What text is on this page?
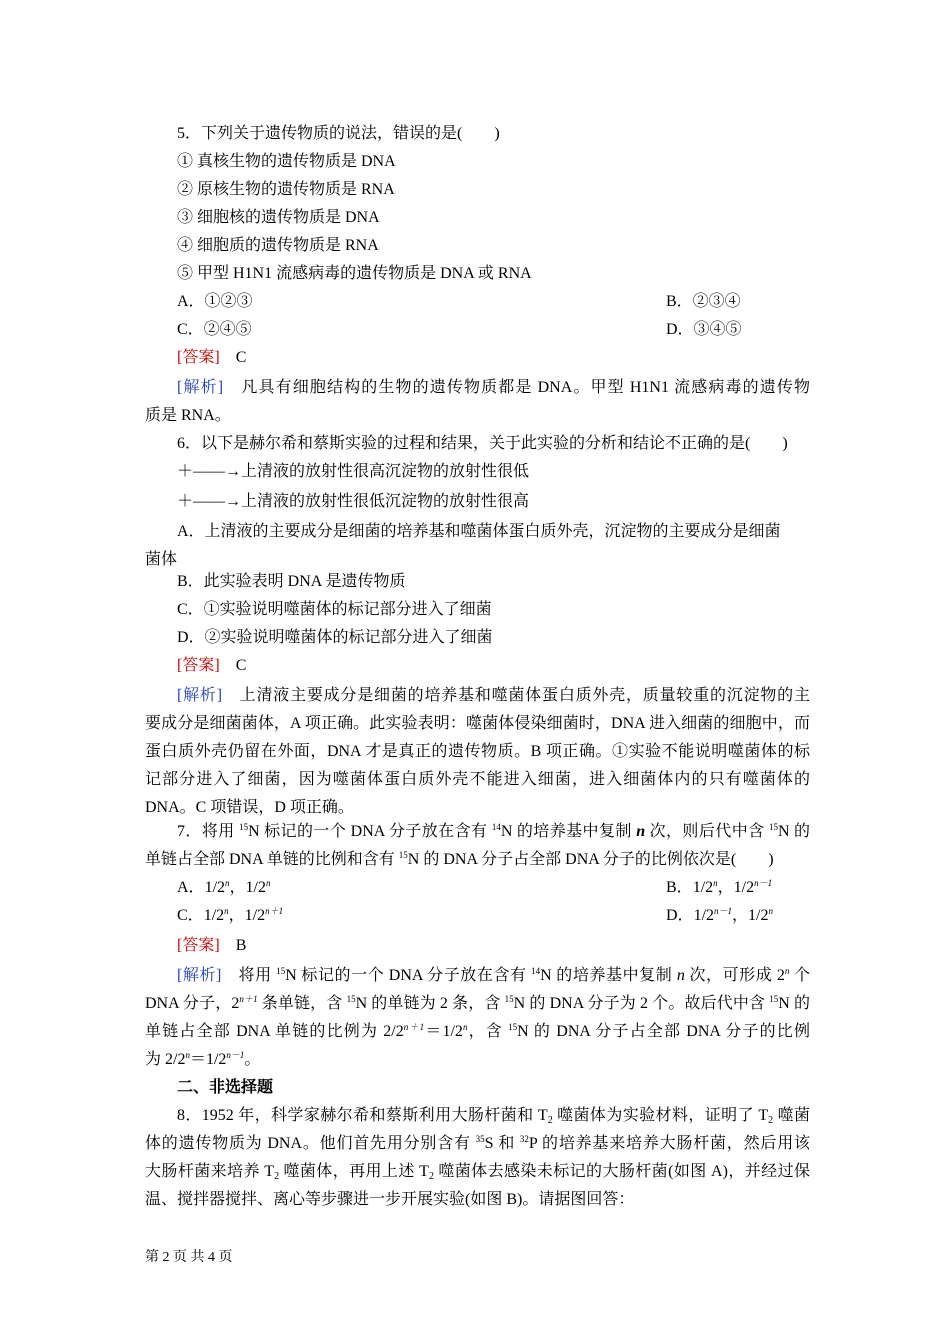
5．下列关于遗传物质的说法，错误的是(　　)
① 真核生物的遗传物质是 DNA
② 原核生物的遗传物质是 RNA
③ 细胞核的遗传物质是 DNA
④ 细胞质的遗传物质是 RNA
⑤ 甲型 H1N1 流感病毒的遗传物质是 DNA 或 RNA
A．①②③	B．②③④
C．②④⑤	D．③④⑤
[答案]　 C
[解析]　 凡具有细胞结构的生物的遗传物质都是 DNA。甲型 H1N1 流感病毒的遗传物
质是 RNA。
6．以下是赫尔希和蔡斯实验的过程和结果，关于此实验的分析和结论不正确的是(　　)
＋——→上清液的放射性很高沉淀物的放射性很低
＋——→上清液的放射性很低沉淀物的放射性很高
A．上清液的主要成分是细菌的培养基和噬菌体蛋白质外壳，沉淀物的主要成分是细菌
菌体
B．此实验表明 DNA 是遗传物质
C．①实验说明噬菌体的标记部分进入了细菌
D．②实验说明噬菌体的标记部分进入了细菌
[答案]　 C
[解析]　 上清液主要成分是细菌的培养基和噬菌体蛋白质外壳，质量较重的沉淀物的主
要成分是细菌菌体，A 项正确。此实验表明：噬菌体侵染细菌时，DNA 进入细菌的细胞中，而
蛋白质外壳仍留在外面，DNA 才是真正的遗传物质。B 项正确。①实验不能说明噬菌体的标
记部分进入了细菌，因为噬菌体蛋白质外壳不能进入细菌，进入细菌体内的只有噬菌体的
DNA。C 项错误，D 项正确。
7．将用 $^{15}$N 标记的一个 DNA 分子放在含有 $^{14}$N 的培养基中复制 n 次，则后代中含 $^{15}$N 的
单链占全部 DNA 单链的比例和含有 $^{15}$N 的 DNA 分子占全部 DNA 分子的比例依次是(　　)
A．1/2$^n$，1/2$^n$	B．1/2$^n$，$1/2^{n-1}$
C．1/2$^n$，$1/2^{n+1}$	D．$1/2^{n-1}$，1/2$^n$
[答案]　 B
[解析]　 将用 $^{15}$N 标记的一个 DNA 分子放在含有 $^{14}$N 的培养基中复制 n 次，可形成 2$^n$ 个
DNA 分子，$2^{n+1}$ 条单链，含 $^{15}$N 的单链为 2 条，含 $^{15}$N 的 DNA 分子为 2 个。故后代中含 $^{15}$N 的
单链占全部 DNA 单链的比例为 $2/2^{n+1}=1/2^n$，含 $^{15}$N 的 DNA 分子占全部 DNA 分子的比例
为 $2/2^n=1/2^{n-1}$。
二、非选择题
8．1952 年，科学家赫尔希和蔡斯利用大肠杆菌和 $T_2$ 噬菌体为实验材料，证明了 $T_2$ 噬菌
体的遗传物质为 DNA。他们首先用分别含有 $^{35}$S 和 $^{32}$P 的培养基来培养大肠杆菌，然后用该
大肠杆菌来培养 $T_2$ 噬菌体，再用上述 $T_2$ 噬菌体去感染未标记的大肠杆菌(如图 A)，并经过保
温、搅拌器搅拌、离心等步骤进一步开展实验(如图 B)。请据图回答：
第 2 页 共 4 页
